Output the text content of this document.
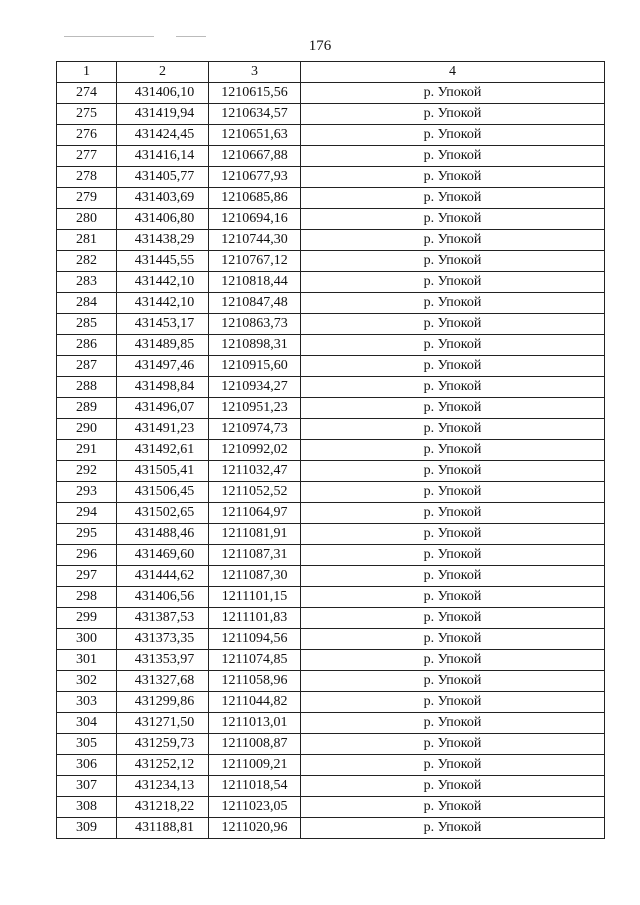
176
1	2	3	4
274	431406,10	1210615,56	р. Упокой
275	431419,94	1210634,57	р. Упокой
276	431424,45	1210651,63	р. Упокой
277	431416,14	1210667,88	р. Упокой
278	431405,77	1210677,93	р. Упокой
279	431403,69	1210685,86	р. Упокой
280	431406,80	1210694,16	р. Упокой
281	431438,29	1210744,30	р. Упокой
282	431445,55	1210767,12	р. Упокой
283	431442,10	1210818,44	р. Упокой
284	431442,10	1210847,48	р. Упокой
285	431453,17	1210863,73	р. Упокой
286	431489,85	1210898,31	р. Упокой
287	431497,46	1210915,60	р. Упокой
288	431498,84	1210934,27	р. Упокой
289	431496,07	1210951,23	р. Упокой
290	431491,23	1210974,73	р. Упокой
291	431492,61	1210992,02	р. Упокой
292	431505,41	1211032,47	р. Упокой
293	431506,45	1211052,52	р. Упокой
294	431502,65	1211064,97	р. Упокой
295	431488,46	1211081,91	р. Упокой
296	431469,60	1211087,31	р. Упокой
297	431444,62	1211087,30	р. Упокой
298	431406,56	1211101,15	р. Упокой
299	431387,53	1211101,83	р. Упокой
300	431373,35	1211094,56	р. Упокой
301	431353,97	1211074,85	р. Упокой
302	431327,68	1211058,96	р. Упокой
303	431299,86	1211044,82	р. Упокой
304	431271,50	1211013,01	р. Упокой
305	431259,73	1211008,87	р. Упокой
306	431252,12	1211009,21	р. Упокой
307	431234,13	1211018,54	р. Упокой
308	431218,22	1211023,05	р. Упокой
309	431188,81	1211020,96	р. Упокой
